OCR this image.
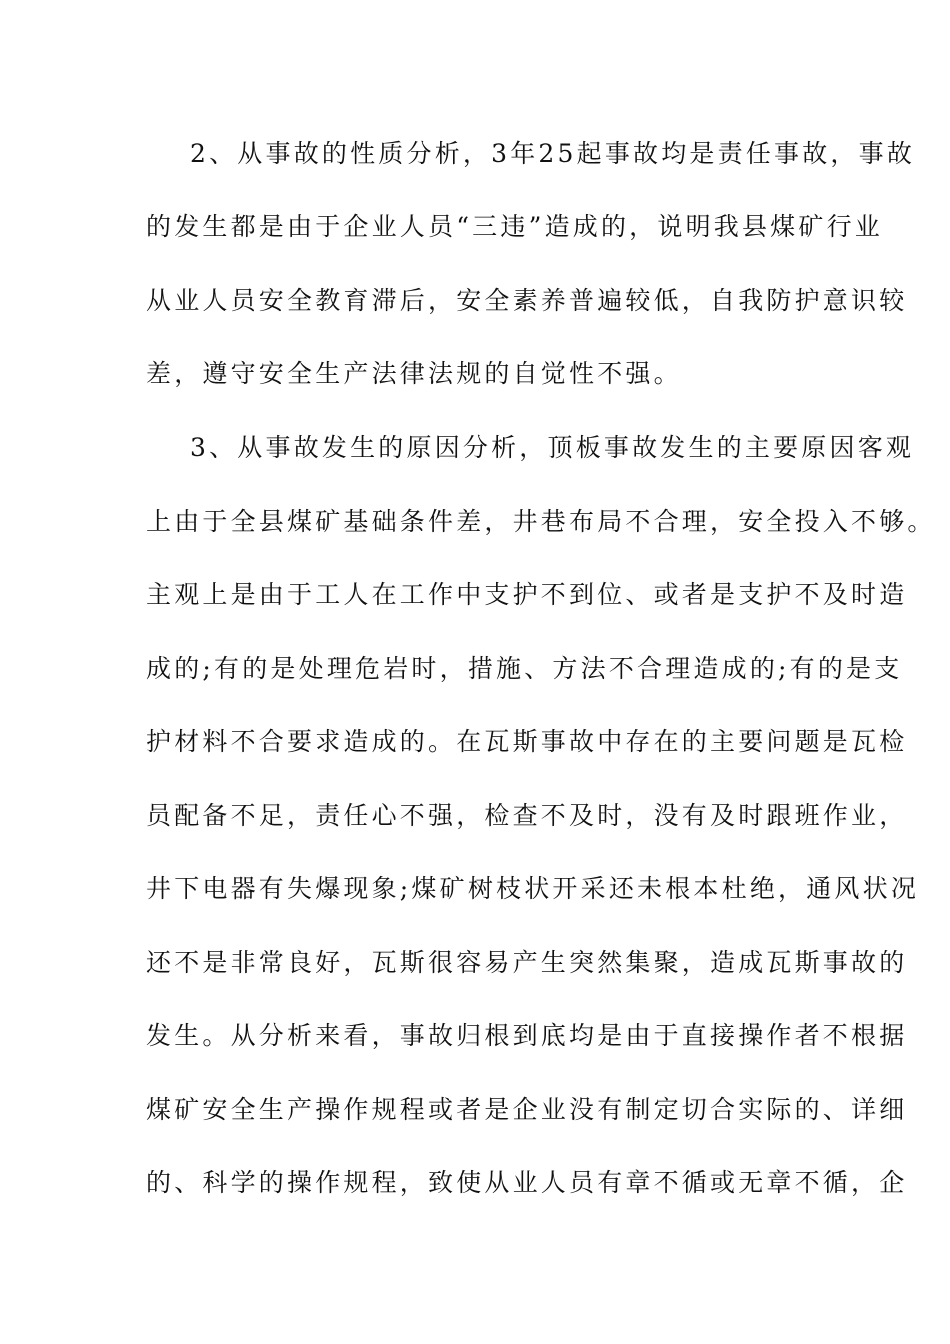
2、从事故的性质分析，3年25起事故均是责任事故，事故
的发生都是由于企业人员“三违”造成的，说明我县煤矿行业
从业人员安全教育滞后，安全素养普遍较低，自我防护意识较
差，遵守安全生产法律法规的自觉性不强。
3、从事故发生的原因分析，顶板事故发生的主要原因客观
上由于全县煤矿基础条件差，井巷布局不合理，安全投入不够。
主观上是由于工人在工作中支护不到位、或者是支护不及时造
成的;有的是处理危岩时，措施、方法不合理造成的;有的是支
护材料不合要求造成的。在瓦斯事故中存在的主要问题是瓦检
员配备不足，责任心不强，检查不及时，没有及时跟班作业，
井下电器有失爆现象;煤矿树枝状开采还未根本杜绝，通风状况
还不是非常良好，瓦斯很容易产生突然集聚，造成瓦斯事故的
发生。从分析来看，事故归根到底均是由于直接操作者不根据
煤矿安全生产操作规程或者是企业没有制定切合实际的、详细
的、科学的操作规程，致使从业人员有章不循或无章不循，企
